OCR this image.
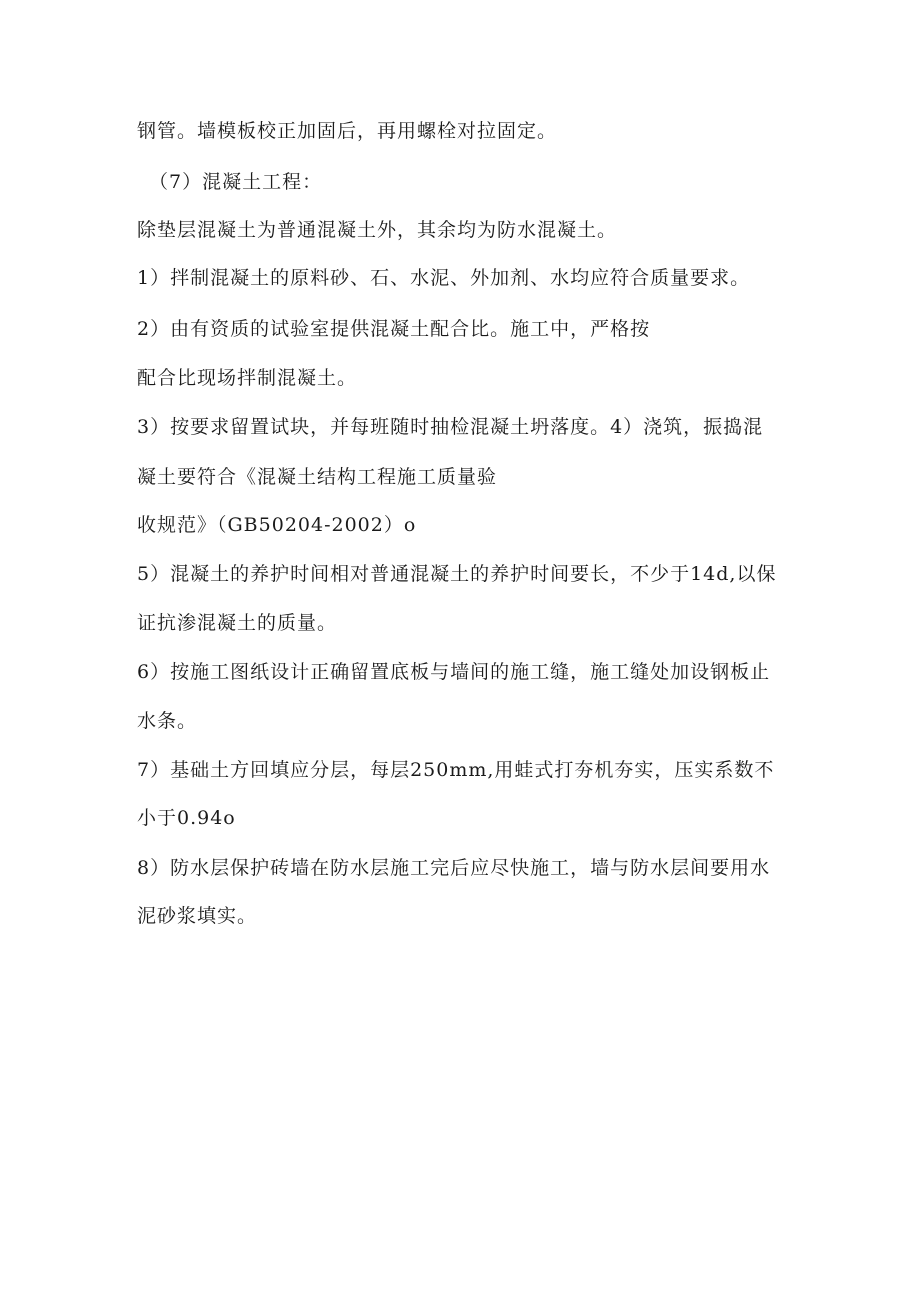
钢管。墙模板校正加固后，再用螺栓对拉固定。
（7）混凝土工程：
除垫层混凝土为普通混凝土外，其余均为防水混凝土。
1）拌制混凝土的原料砂、石、水泥、外加剂、水均应符合质量要求。
2）由有资质的试验室提供混凝土配合比。施工中，严格按
配合比现场拌制混凝土。
3）按要求留置试块，并每班随时抽检混凝土坍落度。4）浇筑，振捣混
凝土要符合《混凝土结构工程施工质量验
收规范》（GB50204-2002）o
5）混凝土的养护时间相对普通混凝土的养护时间要长，不少于14d,以保
证抗渗混凝土的质量。
6）按施工图纸设计正确留置底板与墙间的施工缝，施工缝处加设钢板止
水条。
7）基础土方回填应分层，每层250mm,用蛙式打夯机夯实，压实系数不
小于0.94o
8）防水层保护砖墙在防水层施工完后应尽快施工，墙与防水层间要用水
泥砂浆填实。
